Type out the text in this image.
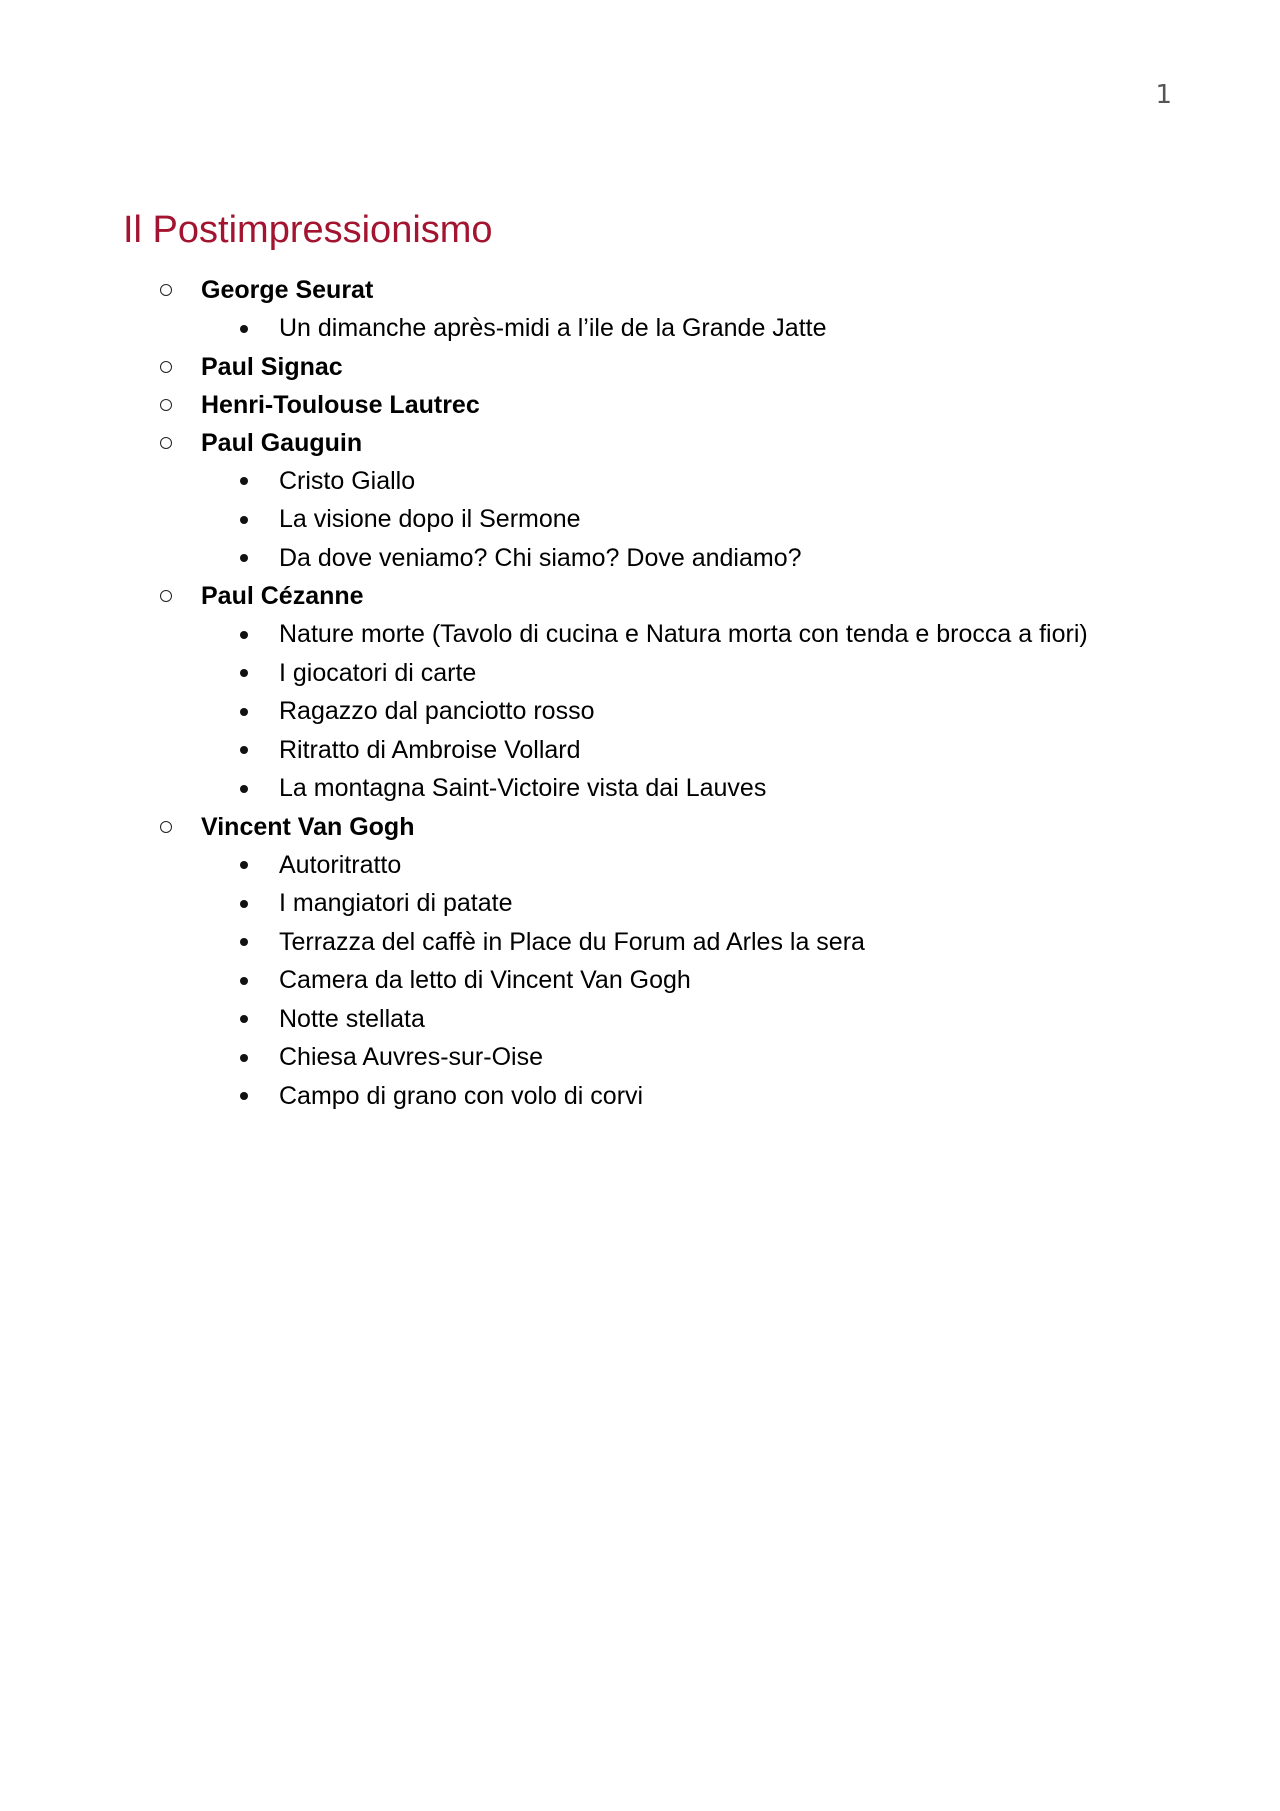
1
Il Postimpressionismo
George Seurat
Un dimanche après-midi a l’ile de la Grande Jatte
Paul Signac
Henri-Toulouse Lautrec
Paul Gauguin
Cristo Giallo
La visione dopo il Sermone
Da dove veniamo? Chi siamo? Dove andiamo?
Paul Cézanne
Nature morte (Tavolo di cucina e Natura morta con tenda e brocca a fiori)
I giocatori di carte
Ragazzo dal panciotto rosso
Ritratto di Ambroise Vollard
La montagna Saint-Victoire vista dai Lauves
Vincent Van Gogh
Autoritratto
I mangiatori di patate
Terrazza del caffè in Place du Forum ad Arles la sera
Camera da letto di Vincent Van Gogh
Notte stellata
Chiesa Auvres-sur-Oise
Campo di grano con volo di corvi
